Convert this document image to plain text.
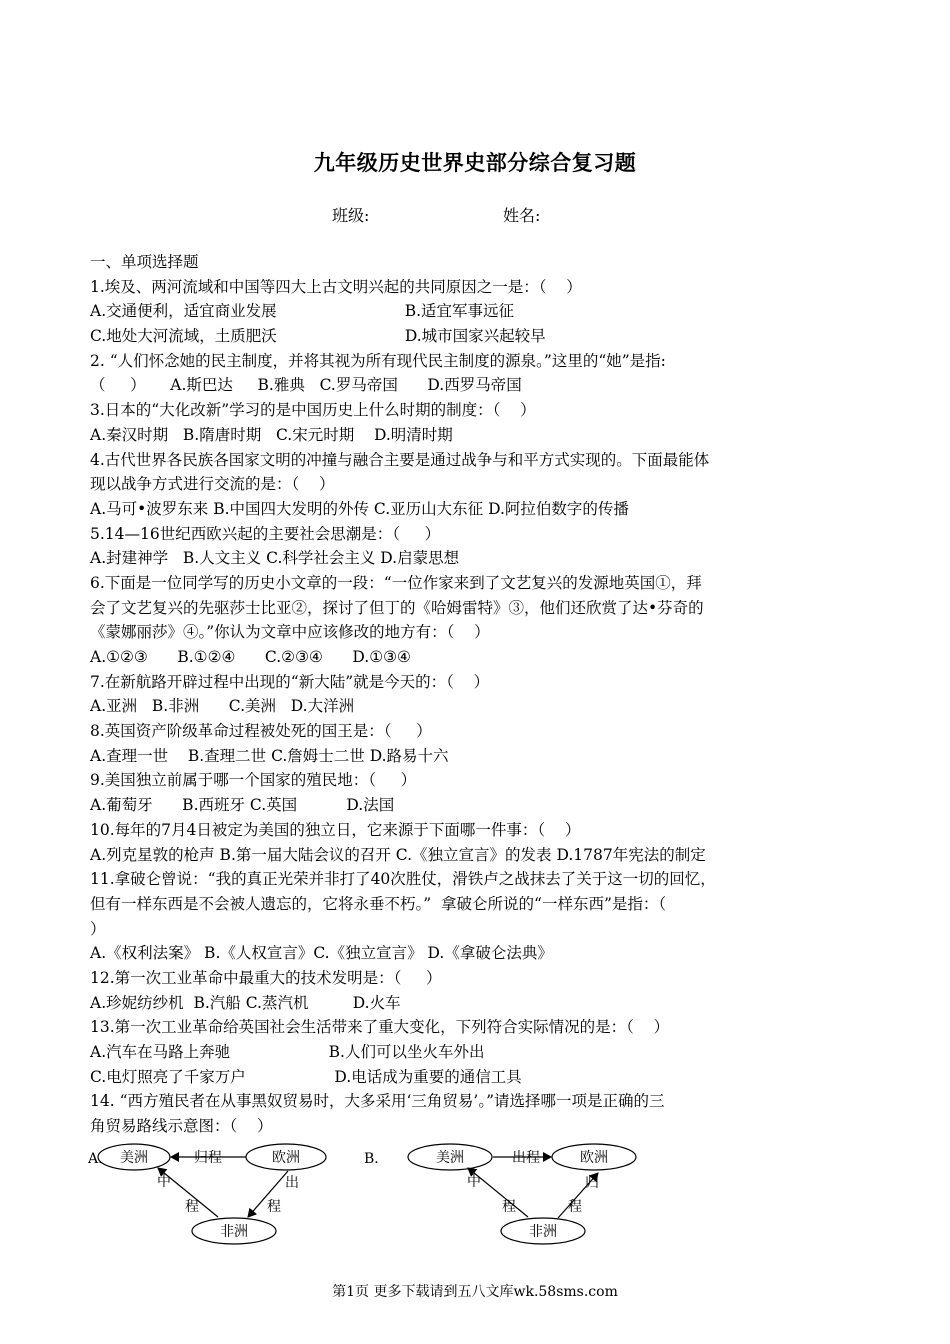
九年级历史世界史部分综合复习题
班级:	姓名:
一、单项选择题
1.埃及、两河流域和中国等四大上古文明兴起的共同原因之一是：（    ）
A.交通便利，适宜商业发展                          B.适宜军事远征
C.地处大河流域，土质肥沃                          D.城市国家兴起较早
2. “人们怀念她的民主制度，并将其视为所有现代民主制度的源泉。”这里的“她”是指:
（     ）     A.斯巴达     B.雅典   C.罗马帝国      D.西罗马帝国
3.日本的“大化改新”学习的是中国历史上什么时期的制度：（    ）
A.秦汉时期   B.隋唐时期   C.宋元时期    D.明清时期
4.古代世界各民族各国家文明的冲撞与融合主要是通过战争与和平方式实现的。下面最能体
现以战争方式进行交流的是：（    ）
A.马可•波罗东来 B.中国四大发明的外传 C.亚历山大东征 D.阿拉伯数字的传播
5.14—16世纪西欧兴起的主要社会思潮是：（     ）
A.封建神学   B.人文主义 C.科学社会主义 D.启蒙思想
6.下面是一位同学写的历史小文章的一段：“一位作家来到了文艺复兴的发源地英国①，拜
会了文艺复兴的先驱莎士比亚②，探讨了但丁的《哈姆雷特》③，他们还欣赏了达•芬奇的
《蒙娜丽莎》④。”你认为文章中应该修改的地方有：（    ）
A.①②③      B.①②④      C.②③④      D.①③④
7.在新航路开辟过程中出现的“新大陆”就是今天的：（    ）
A.亚洲   B.非洲      C.美洲   D.大洋洲
8.英国资产阶级革命过程被处死的国王是：（     ）
A.查理一世    B.查理二世 C.詹姆士二世 D.路易十六
9.美国独立前属于哪一个国家的殖民地：（     ）
A.葡萄牙      B.西班牙 C.英国          D.法国
10.每年的7月4日被定为美国的独立日，它来源于下面哪一件事：（    ）
A.列克星敦的枪声 B.第一届大陆会议的召开 C.《独立宣言》的发表 D.1787年宪法的制定
11.拿破仑曾说：“我的真正光荣并非打了40次胜仗，滑铁卢之战抹去了关于这一切的回忆，
但有一样东西是不会被人遗忘的，它将永垂不朽。”  拿破仑所说的“一样东西”是指：（
）
A.《权利法案》 B.《人权宣言》C.《独立宣言》 D.《拿破仑法典》
12.第一次工业革命中最重大的技术发明是：（     ）
A.珍妮纺纱机  B.汽船 C.蒸汽机         D.火车
13.第一次工业革命给英国社会生活带来了重大变化，下列符合实际情况的是：（    ）
A.汽车在马路上奔驰                    B.人们可以坐火车外出
C.电灯照亮了千家万户                  D.电话成为重要的通信工具
14. “西方殖民者在从事黑奴贸易时，大多采用‘三角贸易’。”请选择哪一项是正确的三
角贸易路线示意图：（    ）
A. 美洲	欧洲
非洲
归程
中
程
出
程
B．	美洲	欧洲
非洲
出程
中
程
归
程
第1页 更多下载请到五八文库wk.58sms.com
